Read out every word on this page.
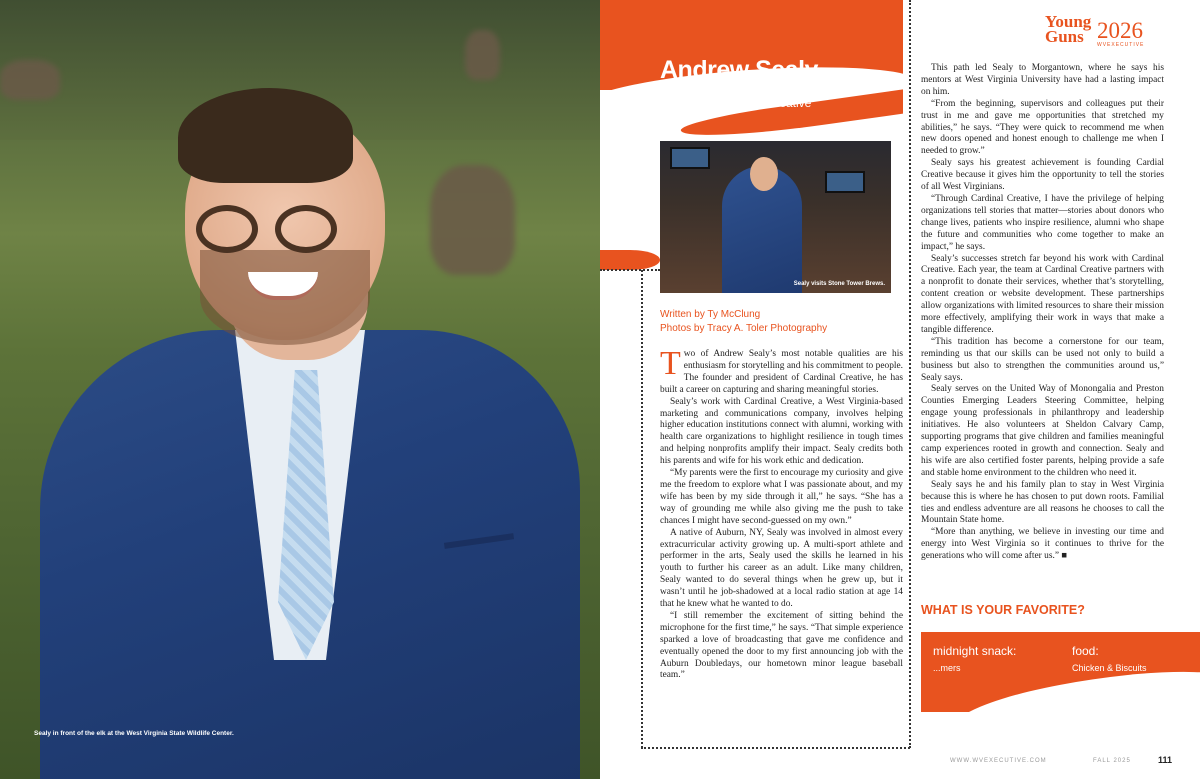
Sealy in front of the elk at the West Virginia State Wildlife Center.
Andrew Sealy
t Creative
Sealy visits Stone Tower Brews.
Written by Ty McClung
Photos by Tracy A. Toler Photography

Two of Andrew Sealy’s most notable qualities are his enthusiasm for storytelling and his commitment to people. The founder and president of Cardinal Creative, he has built a career on capturing and sharing meaningful stories.

Sealy’s work with Cardinal Creative, a West Virginia-based marketing and communications company, involves helping higher education institutions connect with alumni, working with health care organizations to highlight resilience in tough times and helping nonprofits amplify their impact. Sealy credits both his parents and wife for his work ethic and dedication.

“My parents were the first to encourage my curiosity and give me the freedom to explore what I was passionate about, and my wife has been by my side through it all,” he says. “She has a way of grounding me while also giving me the push to take chances I might have second-guessed on my own.”

A native of Auburn, NY, Sealy was involved in almost every extracurricular activity growing up. A multi-sport athlete and performer in the arts, Sealy used the skills he learned in his youth to further his career as an adult. Like many children, Sealy wanted to do several things when he grew up, but it wasn’t until he job-shadowed at a local radio station at age 14 that he knew what he wanted to do.

“I still remember the excitement of sitting behind the microphone for the first time,” he says. “That simple experience sparked a love of broadcasting that gave me confidence and eventually opened the door to my first announcing job with the Auburn Doubledays, our hometown minor league baseball team.”

This path led Sealy to Morgantown, where he says his mentors at West Virginia University have had a lasting impact on him.

“From the beginning, supervisors and colleagues put their trust in me and gave me opportunities that stretched my abilities,” he says. “They were quick to recommend me when new doors opened and honest enough to challenge me when I needed to grow.”

Sealy says his greatest achievement is founding Cardial Creative because it gives him the opportunity to tell the stories of all West Virginians.

“Through Cardinal Creative, I have the privilege of helping organizations tell stories that matter—stories about donors who change lives, patients who inspire resilience, alumni who shape the future and communities who come together to make an impact,” he says.

Sealy’s successes stretch far beyond his work with Cardinal Creative. Each year, the team at Cardinal Creative partners with a nonprofit to donate their services, whether that’s storytelling, content creation or website development. These partnerships allow organizations with limited resources to share their mission more effectively, amplifying their work in ways that make a tangible difference.

“This tradition has become a cornerstone for our team, reminding us that our skills can be used not only to build a business but also to strengthen the communities around us,” Sealy says.

Sealy serves on the United Way of Monongalia and Preston Counties Emerging Leaders Steering Committee, helping engage young professionals in philanthropy and leadership initiatives. He also volunteers at Sheldon Calvary Camp, supporting programs that give children and families meaningful camp experiences rooted in growth and connection. Sealy and his wife are also certified foster parents, helping provide a safe and stable home environment to the children who need it.

Sealy says he and his family plan to stay in West Virginia because this is where he has chosen to put down roots. Familial ties and endless adventure are all reasons he chooses to call the Mountain State home.

“More than anything, we believe in investing our time and energy into West Virginia so it continues to thrive for the generations who will come after us.” ■

Young
Guns 2026
WVEXECUTIVE
WHAT IS YOUR FAVORITE?
midnight snack:
...mers
food:
Chicken & Biscuits
WWW.WVEXECUTIVE.COM	FALL 2025	111
